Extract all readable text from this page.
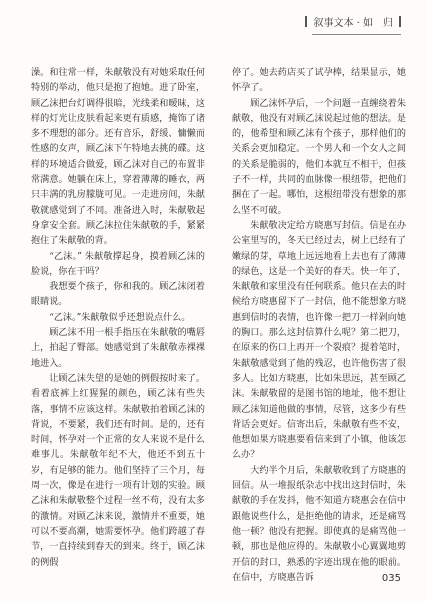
叙事文本 · 如　归

澡。和往常一样，朱献敬没有对她采取任何特别的举动，他只是抱了抱她。进了卧室，顾乙沫把台灯调得很暗，光线柔和暧昧，这样的灯光让皮肤看起来更有质感，掩饰了诸多不理想的部分。还有音乐，舒缓、慵懒而性感的女声，顾乙沫下午特地去挑的碟。这样的环境适合做爱，顾乙沫对自己的布置非常满意。她躺在床上，穿着薄薄的睡衣，两只丰满的乳房朦胧可见。一走进房间，朱献敬就感觉到了不同。准备进入时，朱献敬起身拿安全套。顾乙沫拉住朱献敬的手，紧紧抱住了朱献敬的背。

“乙沫。” 朱献敬撑起身，摸着顾乙沫的脸说，你在干吗？

我想要个孩子，你和我的。顾乙沫闭着眼睛说。

“乙沫。”朱献敬似乎还想说点什么。

顾乙沫不用一根手指压在朱献敬的嘴唇上，拍起了臀部。她感觉到了朱献敬赤裸裸地进入。

让顾乙沫失望的是她的例假按时来了。看着底裤上红猩猩的颜色，顾乙沫有些失落，事情不应该这样。朱献敬拍着顾乙沫的背说，不要紧，我们还有时间。是的，还有时间，怀孕对一个正常的女人来说不是什么难事儿。朱献敬年纪不大，他还不到五十岁，有足够的能力。他们坚持了三个月，每周一次，像是在进行一项有计划的实验。顾乙沫和朱献敬整个过程一丝不苟，没有太多的激情。对顾乙沫来说，激情并不重要，她可以不要高潮，她需要怀孕。他们跨越了春节，一直持续到春天的到来。终于，顾乙沫的例假

停了。她去药店买了试孕棒，结果显示，她怀孕了。

顾乙沫怀孕后，一个问题一直缠绕着朱献敬，他没有对顾乙沫说起过他的想法。是的，他希望和顾乙沫有个孩子，那样他们的关系会更加稳定。一个男人和一个女人之间的关系是脆弱的，他们本就互不相干，但孩子不一样，共同的血脉像一根纽带，把他们捆在了一起。哪怕，这根纽带没有想象的那么坚不可破。

朱献敬决定给方晓惠写封信。信是在办公室里写的，冬天已经过去，树上已经有了嫩绿的芽，草地上远远地看上去也有了薄薄的绿色，这是一个美好的春天。快一年了，朱献敬和家里没有任何联系。他只在去的时候给方晓惠留下了一封信，他不能想象方晓惠到信时的表情，也许像一把刀一样剁向她的胸口。那么这封信算什么呢？第二把刀，在原来的伤口上再开一个裂痕？提着笔时，朱献敬感觉到了他的残忍，也许他伤害了很多人。比如方晓惠，比如朱思远，甚至顾乙沫。朱献敬留的是图书馆的地址，他不想让顾乙沫知道他做的事情，尽管，这多少有些背话会更好。信寄出后，朱献敬有些不安，他想如果方晓惠要看信来到了小镇，他该怎么办？

大约半个月后，朱献敬收到了方晓惠的回信。从一堆报纸杂志中找出这封信时，朱献敬的手在发抖，他不知道方晓惠会在信中跟他说些什么，是拒绝他的请求，还是痛骂他一顿？他没有把握。即使真的是痛骂他一顿，那也是他应得的。朱献敬小心翼翼地剪开信的封口，熟悉的字迹出现在他的眼前。在信中，方晓惠告诉	035
